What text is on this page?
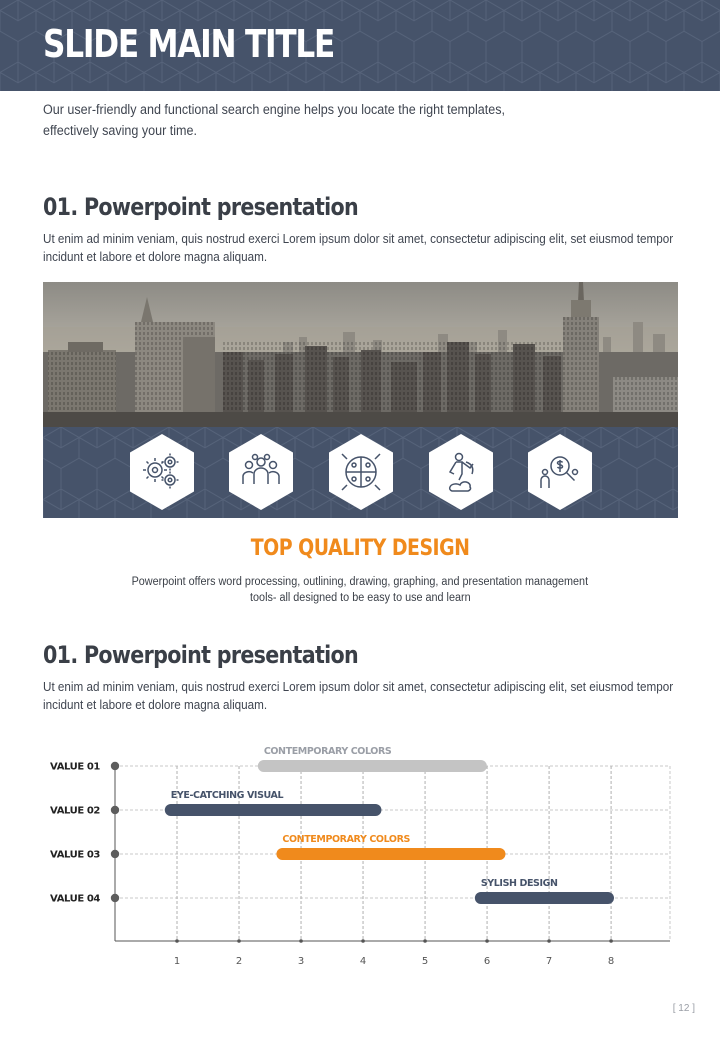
SLIDE MAIN TITLE
Our user-friendly and functional search engine helps you locate the right templates,
effectively saving your time.
01. Powerpoint presentation
Ut enim ad minim veniam, quis nostrud exerci Lorem ipsum dolor sit amet, consectetur adipiscing elit, set eiusmod tempor
incidunt et labore et dolore magna aliquam.
TOP QUALITY DESIGN
Powerpoint offers word processing, outlining, drawing, graphing, and presentation management
tools- all designed to be easy to use and learn
01. Powerpoint presentation
Ut enim ad minim veniam, quis nostrud exerci Lorem ipsum dolor sit amet, consectetur adipiscing elit, set eiusmod tempor
incidunt et labore et dolore magna aliquam.
1	2	3	4	5	6	7	8
VALUE 01
VALUE 02
VALUE 03
VALUE 04
CONTEMPORARY COLORS
EYE-CATCHING VISUAL
CONTEMPORARY COLORS
SYLISH DESIGN
[ 12 ]
